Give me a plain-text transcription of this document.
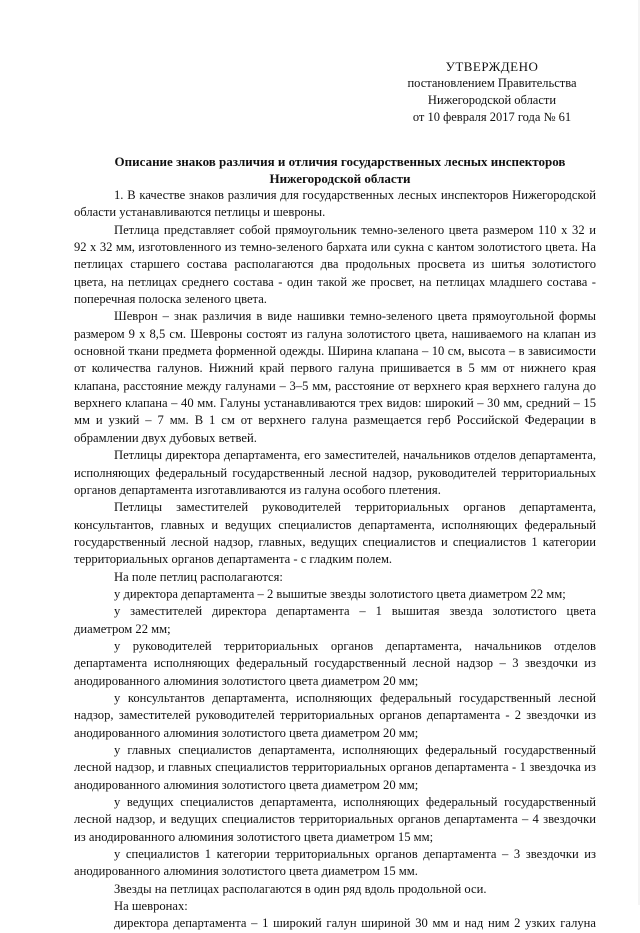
УТВЕРЖДЕНО
постановлением Правительства
Нижегородской области
от 10 февраля 2017 года № 61
Описание знаков различия и отличия государственных лесных инспекторов
Нижегородской области

1. В качестве знаков различия для государственных лесных инспекторов Нижегородской области устанавливаются петлицы и шевроны.

Петлица представляет собой прямоугольник темно-зеленого цвета размером 110 х 32 и 92 х 32 мм, изготовленного из темно-зеленого бархата или сукна с кантом золотистого цвета. На петлицах старшего состава располагаются два продольных просвета из шитья золотистого цвета, на петлицах среднего состава - один такой же просвет, на петлицах младшего состава - поперечная полоска зеленого цвета.

Шеврон – знак различия в виде нашивки темно-зеленого цвета прямоугольной формы размером 9 х 8,5 см. Шевроны состоят из галуна золотистого цвета, нашиваемого на клапан из основной ткани предмета форменной одежды. Ширина клапана – 10 см, высота – в зависимости от количества галунов. Нижний край первого галуна пришивается в 5 мм от нижнего края клапана, расстояние между галунами – 3–5 мм, расстояние от верхнего края верхнего галуна до верхнего клапана – 40 мм. Галуны устанавливаются трех видов: широкий – 30 мм, средний – 15 мм и узкий – 7 мм. В 1 см от верхнего галуна размещается герб Российской Федерации в обрамлении двух дубовых ветвей.

Петлицы директора департамента, его заместителей, начальников отделов департамента, исполняющих федеральный государственный лесной надзор, руководителей территориальных органов департамента изготавливаются из галуна особого плетения.

Петлицы заместителей руководителей территориальных органов департамента, консультантов, главных и ведущих специалистов департамента, исполняющих федеральный государственный лесной надзор, главных, ведущих специалистов и специалистов 1 категории территориальных органов департамента - с гладким полем.

На поле петлиц располагаются:

у директора департамента – 2 вышитые звезды золотистого цвета диаметром 22 мм;

у заместителей директора департамента – 1 вышитая звезда золотистого цвета диаметром 22 мм;

у руководителей территориальных органов департамента, начальников отделов департамента исполняющих федеральный государственный лесной надзор – 3 звездочки из анодированного алюминия золотистого цвета диаметром 20 мм;

у консультантов департамента, исполняющих федеральный государственный лесной надзор, заместителей руководителей территориальных органов департамента - 2 звездочки из анодированного алюминия золотистого цвета диаметром 20 мм;

у главных специалистов департамента, исполняющих федеральный государственный лесной надзор, и главных специалистов территориальных органов департамента - 1 звездочка из анодированного алюминия золотистого цвета диаметром 20 мм;

у ведущих специалистов департамента, исполняющих федеральный государственный лесной надзор, и ведущих специалистов территориальных органов департамента – 4 звездочки из анодированного алюминия золотистого цвета диаметром 15 мм;

у специалистов 1 категории территориальных органов департамента – 3 звездочки из анодированного алюминия золотистого цвета диаметром 15 мм.

Звезды на петлицах располагаются в один ряд вдоль продольной оси.

На шевронах:

директора департамента – 1 широкий галун шириной 30 мм и над ним 2 узких галуна
